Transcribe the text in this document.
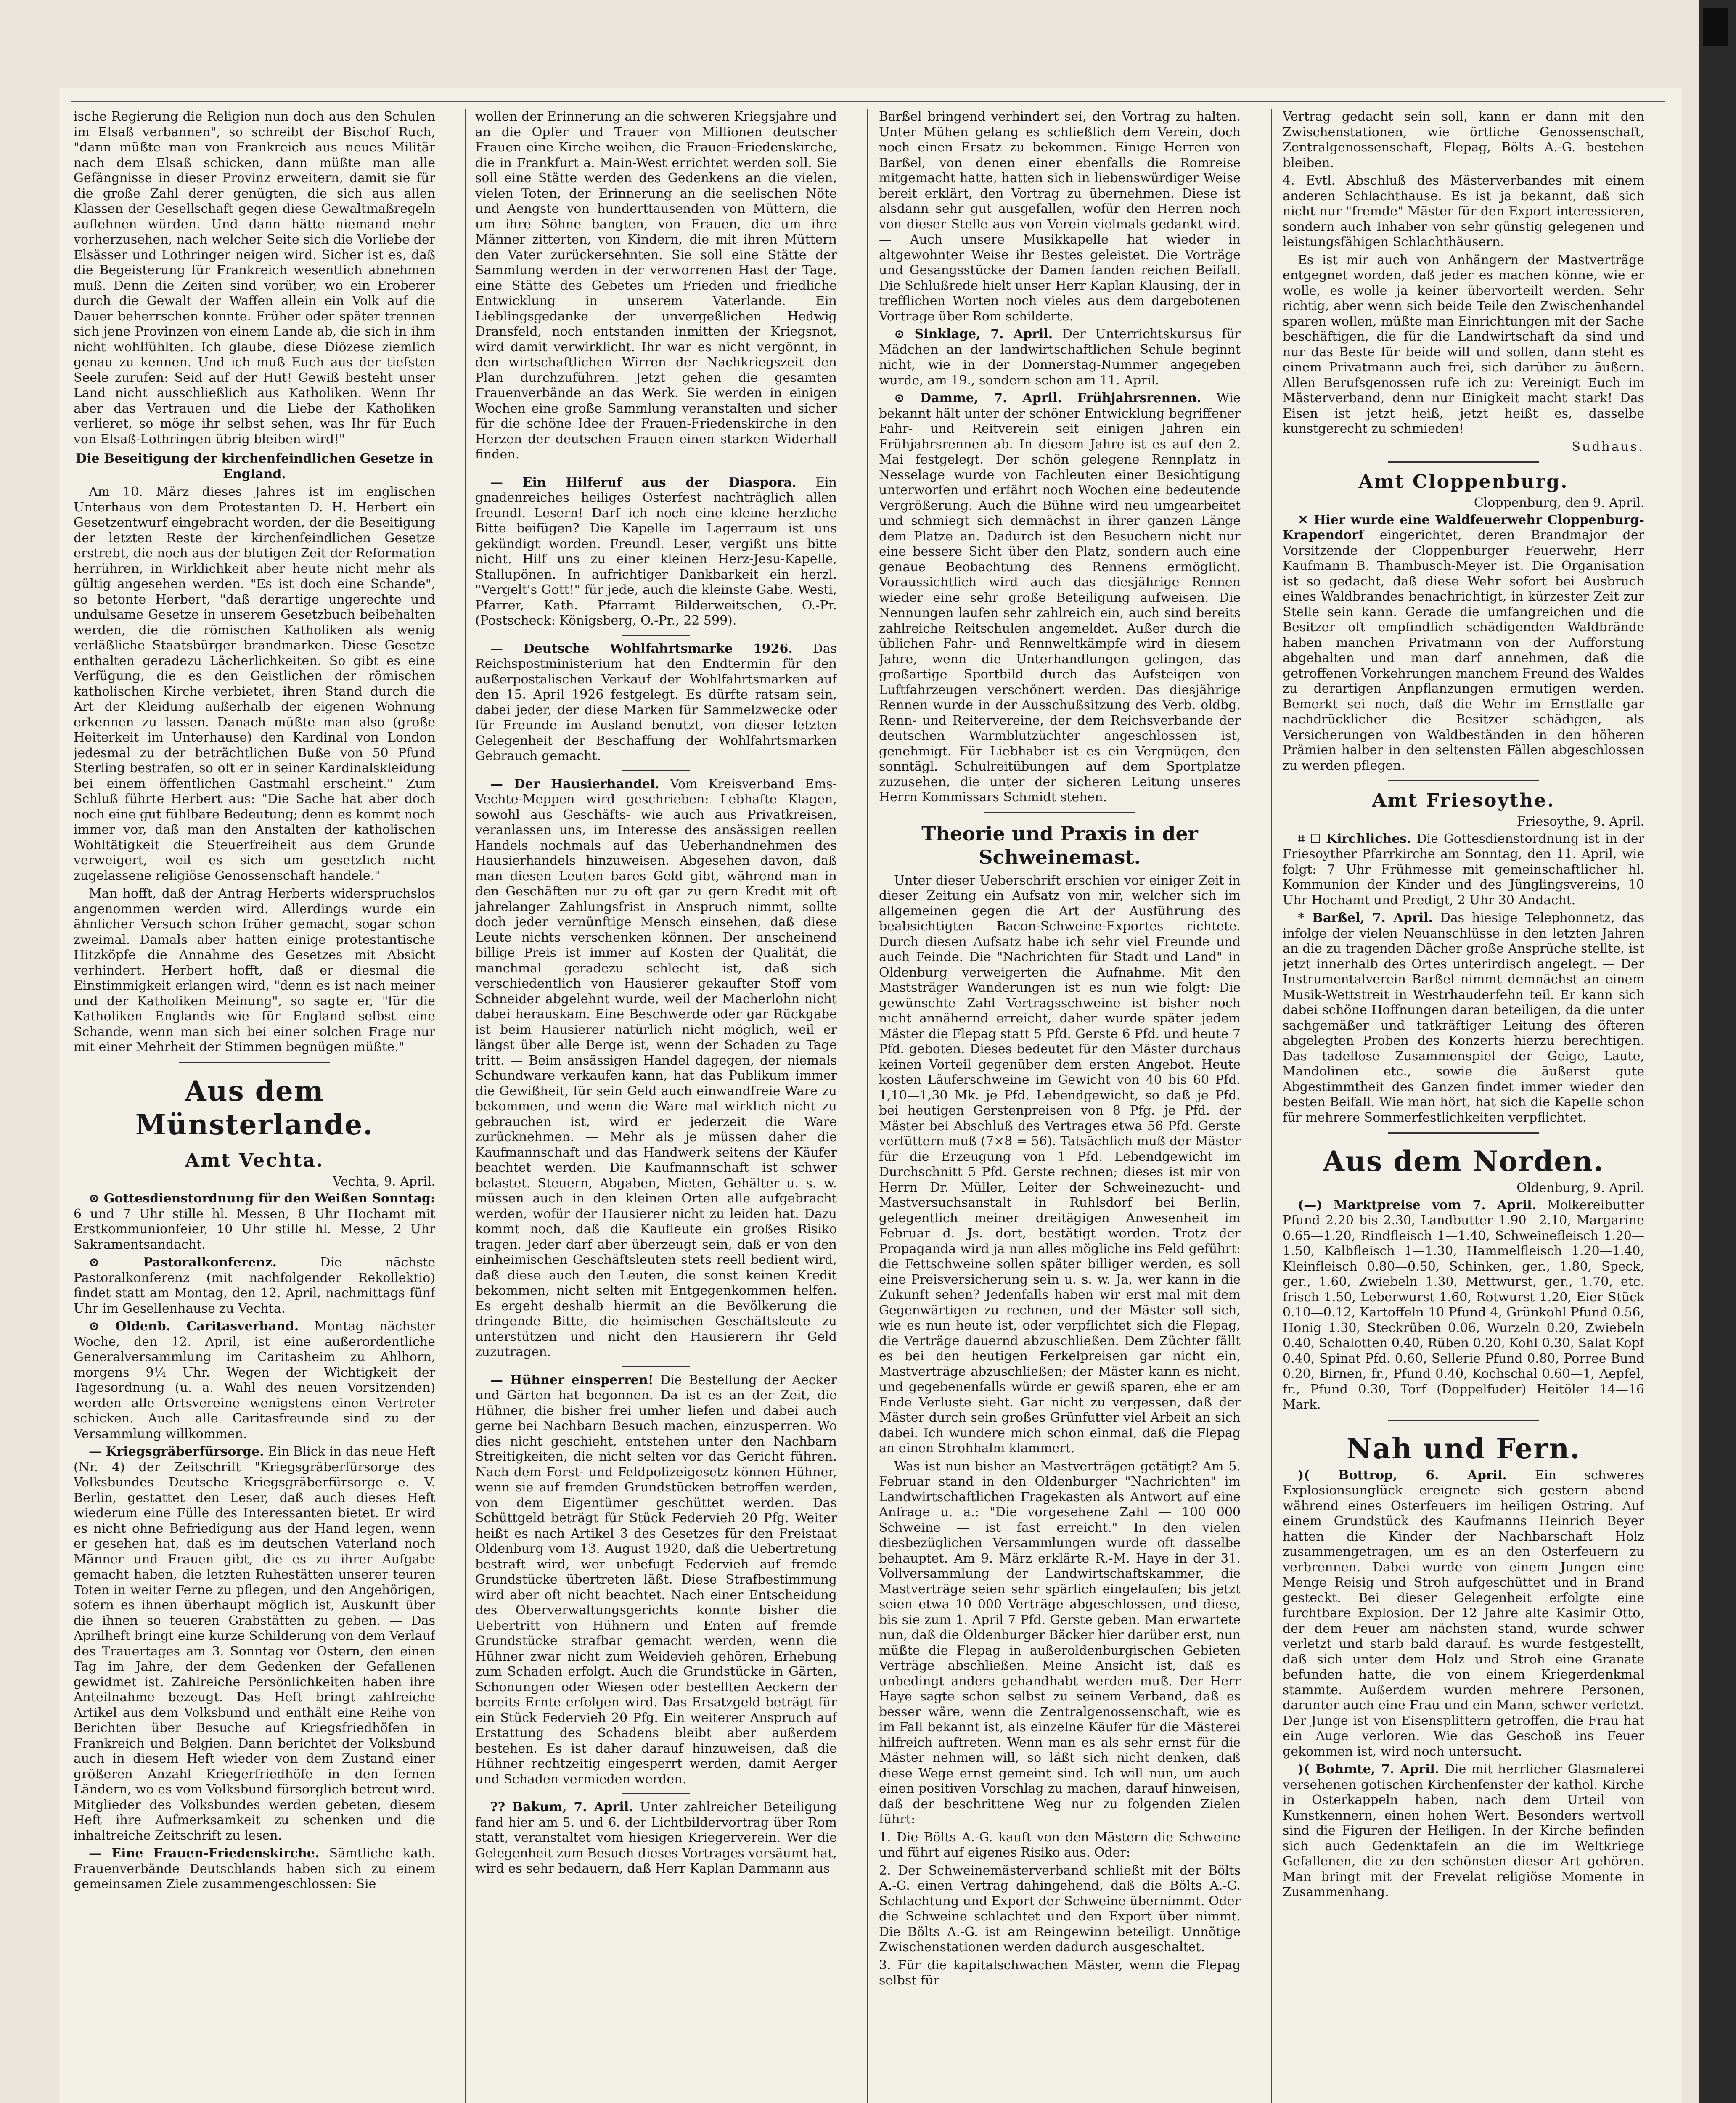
ische Regierung die Religion nun doch aus den Schulen im Elsaß verbannen", so schreibt der Bischof Ruch, "dann müßte man von Frankreich aus neues Militär nach dem Elsaß schicken, dann müßte man alle Gefängnisse in dieser Provinz erweitern, damit sie für die große Zahl derer genügten, die sich aus allen Klassen der Gesellschaft gegen diese Gewaltmaßregeln auflehnen würden. Und dann hätte niemand mehr vorherzusehen, nach welcher Seite sich die Vorliebe der Elsässer und Lothringer neigen wird. Sicher ist es, daß die Begeisterung für Frankreich wesentlich abnehmen muß. Denn die Zeiten sind vorüber, wo ein Eroberer durch die Gewalt der Waffen allein ein Volk auf die Dauer beherrschen konnte. Früher oder später trennen sich jene Provinzen von einem Lande ab, die sich in ihm nicht wohlfühlten. Ich glaube, diese Diözese ziemlich genau zu kennen. Und ich muß Euch aus der tiefsten Seele zurufen: Seid auf der Hut! Gewiß besteht unser Land nicht ausschließlich aus Katholiken. Wenn Ihr aber das Vertrauen und die Liebe der Katholiken verlieret, so möge ihr selbst sehen, was Ihr für Euch von Elsaß-Lothringen übrig bleiben wird!"

Die Beseitigung der kirchenfeindlichen Gesetze in England.

Am 10. März dieses Jahres ist im englischen Unterhaus von dem Protestanten D. H. Herbert ein Gesetzentwurf eingebracht worden, der die Beseitigung der letzten Reste der kirchenfeindlichen Gesetze erstrebt, die noch aus der blutigen Zeit der Reformation herrühren, in Wirklichkeit aber heute nicht mehr als gültig angesehen werden. "Es ist doch eine Schande", so betonte Herbert, "daß derartige ungerechte und undulsame Gesetze in unserem Gesetzbuch beibehalten werden, die die römischen Katholiken als wenig verläßliche Staatsbürger brandmarken. Diese Gesetze enthalten geradezu Lächerlichkeiten. So gibt es eine Verfügung, die es den Geistlichen der römischen katholischen Kirche verbietet, ihren Stand durch die Art der Kleidung außerhalb der eigenen Wohnung erkennen zu lassen. Danach müßte man also (große Heiterkeit im Unterhause) den Kardinal von London jedesmal zu der beträchtlichen Buße von 50 Pfund Sterling bestrafen, so oft er in seiner Kardinalskleidung bei einem öffentlichen Gastmahl erscheint." Zum Schluß führte Herbert aus: "Die Sache hat aber doch noch eine gut fühlbare Bedeutung; denn es kommt noch immer vor, daß man den Anstalten der katholischen Wohltätigkeit die Steuerfreiheit aus dem Grunde verweigert, weil es sich um gesetzlich nicht zugelassene religiöse Genossenschaft handele."

Man hofft, daß der Antrag Herberts widerspruchslos angenommen werden wird. Allerdings wurde ein ähnlicher Versuch schon früher gemacht, sogar schon zweimal. Damals aber hatten einige protestantische Hitzköpfe die Annahme des Gesetzes mit Absicht verhindert. Herbert hofft, daß er diesmal die Einstimmigkeit erlangen wird, "denn es ist nach meiner und der Katholiken Meinung", so sagte er, "für die Katholiken Englands wie für England selbst eine Schande, wenn man sich bei einer solchen Frage nur mit einer Mehrheit der Stimmen begnügen müßte."

Aus dem Münsterlande.
Amt Vechta.
Vechta, 9. April.

⊙ Gottesdienstordnung für den Weißen Sonntag: 6 und 7 Uhr stille hl. Messen, 8 Uhr Hochamt mit Erstkommunionfeier, 10 Uhr stille hl. Messe, 2 Uhr Sakramentsandacht.

⊙ Pastoralkonferenz.	Die nächste Pastoralkonferenz (mit nachfolgender Rekollektio) findet statt am Montag, den 12. April, nachmittags fünf Uhr im Gesellenhause zu Vechta.

⊙ Oldenb. Caritasverband. Montag nächster Woche, den 12. April, ist eine außerordentliche Generalversammlung im Caritasheim zu Ahlhorn, morgens 9¼ Uhr. Wegen der Wichtigkeit der Tagesordnung (u. a. Wahl des neuen Vorsitzenden) werden alle Ortsvereine wenigstens einen Vertreter schicken. Auch alle Caritasfreunde sind zu der Versammlung willkommen.

— Kriegsgräberfürsorge. Ein Blick in das neue Heft (Nr. 4) der Zeitschrift "Kriegsgräberfürsorge des Volksbundes Deutsche Kriegsgräberfürsorge e. V. Berlin, gestattet den Leser, daß auch dieses Heft wiederum eine Fülle des Interessanten bietet. Er wird es nicht ohne Befriedigung aus der Hand legen, wenn er gesehen hat, daß es im deutschen Vaterland noch Männer und Frauen gibt, die es zu ihrer Aufgabe gemacht haben, die letzten Ruhestätten unserer teuren Toten in weiter Ferne zu pflegen, und den Angehörigen, sofern es ihnen überhaupt möglich ist, Auskunft über die ihnen so teueren Grabstätten zu geben. — Das Aprilheft bringt eine kurze Schilderung von dem Verlauf des Trauertages am 3. Sonntag vor Ostern, den einen Tag im Jahre, der dem Gedenken der Gefallenen gewidmet ist. Zahlreiche Persönlichkeiten haben ihre Anteilnahme bezeugt. Das Heft bringt zahlreiche Artikel aus dem Volksbund und enthält eine Reihe von Berichten über Besuche auf Kriegsfriedhöfen in Frankreich und Belgien. Dann berichtet der Volksbund auch in diesem Heft wieder von dem Zustand einer größeren Anzahl Kriegerfriedhöfe in den fernen Ländern, wo es vom Volksbund fürsorglich betreut wird. Mitglieder des Volksbundes werden gebeten, diesem Heft ihre Aufmerksamkeit zu schenken und die inhaltreiche Zeitschrift zu lesen.

— Eine Frauen-Friedenskirche. Sämtliche kath. Frauenverbände Deutschlands haben sich zu einem gemeinsamen Ziele zusammengeschlossen: Sie

wollen der Erinnerung an die schweren Kriegsjahre und an die Opfer und Trauer von Millionen deutscher Frauen eine Kirche weihen, die Frauen-Friedenskirche, die in Frankfurt a. Main-West errichtet werden soll. Sie soll eine Stätte werden des Gedenkens an die vielen, vielen Toten, der Erinnerung an die seelischen Nöte und Aengste von hunderttausenden von Müttern, die um ihre Söhne bangten, von Frauen, die um ihre Männer zitterten, von Kindern, die mit ihren Müttern den Vater zurückersehnten. Sie soll eine Stätte der Sammlung werden in der verworrenen Hast der Tage, eine Stätte des Gebetes um Frieden und friedliche Entwicklung in unserem Vaterlande. Ein Lieblingsgedanke der unvergeßlichen Hedwig Dransfeld, noch entstanden inmitten der Kriegsnot, wird damit verwirklicht. Ihr war es nicht vergönnt, in den wirtschaftlichen Wirren der Nachkriegszeit den Plan durchzuführen. Jetzt gehen die gesamten Frauenverbände an das Werk. Sie werden in einigen Wochen eine große Sammlung veranstalten und sicher für die schöne Idee der Frauen-Friedenskirche in den Herzen der deutschen Frauen einen starken Widerhall finden.

— Ein Hilferuf aus der Diaspora. Ein gnadenreiches heiliges Osterfest nachträglich allen freundl. Lesern! Darf ich noch eine kleine herzliche Bitte beifügen? Die Kapelle im Lagerraum ist uns gekündigt worden. Freundl. Leser, vergißt uns bitte nicht. Hilf uns zu einer kleinen Herz-Jesu-Kapelle, Stallupönen. In aufrichtiger Dankbarkeit ein herzl. "Vergelt's Gott!" für jede, auch die kleinste Gabe. Westi, Pfarrer, Kath. Pfarramt Bilderweitschen, O.-Pr. (Postscheck: Königsberg, O.-Pr., 22 599).

— Deutsche Wohlfahrtsmarke 1926. Das Reichspostministerium hat den Endtermin für den außerpostalischen Verkauf der Wohlfahrtsmarken auf den 15. April 1926 festgelegt. Es dürfte ratsam sein, dabei jeder, der diese Marken für Sammelzwecke oder für Freunde im Ausland benutzt, von dieser letzten Gelegenheit der Beschaffung der Wohlfahrtsmarken Gebrauch gemacht.

— Der Hausierhandel. Vom Kreisverband Ems-Vechte-Meppen wird geschrieben: Lebhafte Klagen, sowohl aus Geschäfts- wie auch aus Privatkreisen, veranlassen uns, im Interesse des ansässigen reellen Handels nochmals auf das Ueberhandnehmen des Hausierhandels hinzuweisen. Abgesehen davon, daß man diesen Leuten bares Geld gibt, während man in den Geschäften nur zu oft gar zu gern Kredit mit oft jahrelanger Zahlungsfrist in Anspruch nimmt, sollte doch jeder vernünftige Mensch einsehen, daß diese Leute nichts verschenken können. Der anscheinend billige Preis ist immer auf Kosten der Qualität, die manchmal geradezu schlecht ist, daß sich verschiedentlich von Hausierer gekaufter Stoff vom Schneider abgelehnt wurde, weil der Macherlohn nicht dabei herauskam. Eine Beschwerde oder gar Rückgabe ist beim Hausierer natürlich nicht möglich, weil er längst über alle Berge ist, wenn der Schaden zu Tage tritt. — Beim ansässigen Handel dagegen, der niemals Schundware verkaufen kann, hat das Publikum immer die Gewißheit, für sein Geld auch einwandfreie Ware zu bekommen, und wenn die Ware mal wirklich nicht zu gebrauchen ist, wird er jederzeit die Ware zurücknehmen. — Mehr als je müssen daher die Kaufmannschaft und das Handwerk seitens der Käufer beachtet werden. Die Kaufmannschaft ist schwer belastet. Steuern, Abgaben, Mieten, Gehälter u. s. w. müssen auch in den kleinen Orten alle aufgebracht werden, wofür der Hausierer nicht zu leiden hat. Dazu kommt noch, daß die Kaufleute ein großes Risiko tragen. Jeder darf aber überzeugt sein, daß er von den einheimischen Geschäftsleuten stets reell bedient wird, daß diese auch den Leuten, die sonst keinen Kredit bekommen, nicht selten mit Entgegenkommen helfen. Es ergeht deshalb hiermit an die Bevölkerung die dringende Bitte, die heimischen Geschäftsleute zu unterstützen und nicht den Hausierern ihr Geld zuzutragen.

— Hühner einsperren! Die Bestellung der Aecker und Gärten hat begonnen. Da ist es an der Zeit, die Hühner, die bisher frei umher liefen und dabei auch gerne bei Nachbarn Besuch machen, einzusperren. Wo dies nicht geschieht, entstehen unter den Nachbarn Streitigkeiten, die nicht selten vor das Gericht führen. Nach dem Forst- und Feldpolizeigesetz können Hühner, wenn sie auf fremden Grundstücken betroffen werden, von dem Eigentümer geschüttet werden. Das Schüttgeld beträgt für Stück Federvieh 20 Pfg. Weiter heißt es nach Artikel 3 des Gesetzes für den Freistaat Oldenburg vom 13. August 1920, daß die Uebertretung bestraft wird, wer unbefugt Federvieh auf fremde Grundstücke übertreten läßt. Diese Strafbestimmung wird aber oft nicht beachtet. Nach einer Entscheidung des Oberverwaltungsgerichts konnte bisher die Uebertritt von Hühnern und Enten auf fremde Grundstücke strafbar gemacht werden, wenn die Hühner zwar nicht zum Weidevieh gehören, Erhebung zum Schaden erfolgt. Auch die Grundstücke in Gärten, Schonungen oder Wiesen oder bestellten Aeckern der bereits Ernte erfolgen wird. Das Ersatzgeld beträgt für ein Stück Federvieh 20 Pfg. Ein weiterer Anspruch auf Erstattung des Schadens bleibt aber außerdem bestehen. Es ist daher darauf hinzuweisen, daß die Hühner rechtzeitig eingesperrt werden, damit Aerger und Schaden vermieden werden.

?? Bakum, 7. April. Unter zahlreicher Beteiligung fand hier am 5. und 6. der Lichtbildervortrag über Rom statt, veranstaltet vom hiesigen Kriegerverein. Wer die Gelegenheit zum Besuch dieses Vortrages versäumt hat, wird es sehr bedauern, daß Herr Kaplan Dammann aus

Barßel bringend verhindert sei, den Vortrag zu halten. Unter Mühen gelang es schließlich dem Verein, doch noch einen Ersatz zu bekommen. Einige Herren von Barßel, von denen einer ebenfalls die Romreise mitgemacht hatte, hatten sich in liebenswürdiger Weise bereit erklärt, den Vortrag zu übernehmen. Diese ist alsdann sehr gut ausgefallen, wofür den Herren noch von dieser Stelle aus von Verein vielmals gedankt wird. — Auch unsere Musikkapelle hat wieder in altgewohnter Weise ihr Bestes geleistet. Die Vorträge und Gesangsstücke der Damen fanden reichen Beifall. Die Schlußrede hielt unser Herr Kaplan Klausing, der in trefflichen Worten noch vieles aus dem dargebotenen Vortrage über Rom schilderte.

⊙ Sinklage, 7. April. Der Unterrichtskursus für Mädchen an der landwirtschaftlichen Schule beginnt nicht, wie in der Donnerstag-Nummer angegeben wurde, am 19., sondern schon am 11. April.

⊙ Damme, 7. April. Frühjahrsrennen. Wie bekannt hält unter der schöner Entwicklung begriffener Fahr- und Reitverein seit einigen Jahren ein Frühjahrsrennen ab. In diesem Jahre ist es auf den 2. Mai festgelegt. Der schön gelegene Rennplatz in Nesselage wurde von Fachleuten einer Besichtigung unterworfen und erfährt noch Wochen eine bedeutende Vergrößerung. Auch die Bühne wird neu umgearbeitet und schmiegt sich demnächst in ihrer ganzen Länge dem Platze an. Dadurch ist den Besuchern nicht nur eine bessere Sicht über den Platz, sondern auch eine genaue Beobachtung des Rennens ermöglicht. Voraussichtlich wird auch das diesjährige Rennen wieder eine sehr große Beteiligung aufweisen. Die Nennungen laufen sehr zahlreich ein, auch sind bereits zahlreiche Reitschulen angemeldet. Außer durch die üblichen Fahr- und Rennweltkämpfe wird in diesem Jahre, wenn die Unterhandlungen gelingen, das großartige Sportbild durch das Aufsteigen von Luftfahrzeugen verschönert werden. Das diesjährige Rennen wurde in der Ausschußsitzung des Verb. oldbg. Renn- und Reitervereine, der dem Reichsverbande der deutschen Warmblutzüchter angeschlossen ist, genehmigt. Für Liebhaber ist es ein Vergnügen, den sonntägl. Schulreitübungen auf dem Sportplatze zuzusehen, die unter der sicheren Leitung unseres Herrn Kommissars Schmidt stehen.

Theorie und Praxis in der Schweinemast.

Unter dieser Ueberschrift erschien vor einiger Zeit in dieser Zeitung ein Aufsatz von mir, welcher sich im allgemeinen gegen die Art der Ausführung des beabsichtigten Bacon-Schweine-Exportes richtete. Durch diesen Aufsatz habe ich sehr viel Freunde und auch Feinde. Die "Nachrichten für Stadt und Land" in Oldenburg verweigerten die Aufnahme. Mit den Maststräger Wanderungen ist es nun wie folgt: Die gewünschte Zahl Vertragsschweine ist bisher noch nicht annähernd erreicht, daher wurde später jedem Mäster die Flepag statt 5 Pfd. Gerste 6 Pfd. und heute 7 Pfd. geboten. Dieses bedeutet für den Mäster durchaus keinen Vorteil gegenüber dem ersten Angebot. Heute kosten Läuferschweine im Gewicht von 40 bis 60 Pfd. 1,10—1,30 Mk. je Pfd. Lebendgewicht, so daß je Pfd. bei heutigen Gerstenpreisen von 8 Pfg. je Pfd. der Mäster bei Abschluß des Vertrages etwa 56 Pfd. Gerste verfüttern muß (7×8 = 56). Tatsächlich muß der Mäster für die Erzeugung von 1 Pfd. Lebendgewicht im Durchschnitt 5 Pfd. Gerste rechnen; dieses ist mir von Herrn Dr. Müller, Leiter der Schweinezucht- und Mastversuchsanstalt in Ruhlsdorf bei Berlin, gelegentlich meiner dreitägigen Anwesenheit im Februar d. Js. dort, bestätigt worden. Trotz der Propaganda wird ja nun alles mögliche ins Feld geführt: die Fettschweine sollen später billiger werden, es soll eine Preisversicherung sein u. s. w. Ja, wer kann in die Zukunft sehen? Jedenfalls haben wir erst mal mit dem Gegenwärtigen zu rechnen, und der Mäster soll sich, wie es nun heute ist, oder verpflichtet sich die Flepag, die Verträge dauernd abzuschließen. Dem Züchter fällt es bei den heutigen Ferkelpreisen gar nicht ein, Mastverträge abzuschließen; der Mäster kann es nicht, und gegebenenfalls würde er gewiß sparen, ehe er am Ende Verluste sieht. Gar nicht zu vergessen, daß der Mäster durch sein großes Grünfutter viel Arbeit an sich dabei. Ich wundere mich schon einmal, daß die Flepag an einen Strohhalm klammert.

Was ist nun bisher an Mastverträgen getätigt? Am 5. Februar stand in den Oldenburger "Nachrichten" im Landwirtschaftlichen Fragekasten als Antwort auf eine Anfrage u. a.: "Die vorgesehene Zahl — 100 000 Schweine — ist fast erreicht." In den vielen diesbezüglichen Versammlungen wurde oft dasselbe behauptet. Am 9. März erklärte R.-M. Haye in der 31. Vollversammlung der Landwirtschaftskammer, die Mastverträge seien sehr spärlich eingelaufen; bis jetzt seien etwa 10 000 Verträge abgeschlossen, und diese, bis sie zum 1. April 7 Pfd. Gerste geben. Man erwartete nun, daß die Oldenburger Bäcker hier darüber erst, nun müßte die Flepag in außeroldenburgischen Gebieten Verträge abschließen. Meine Ansicht ist, daß es unbedingt anders gehandhabt werden muß. Der Herr Haye sagte schon selbst zu seinem Verband, daß es besser wäre, wenn die Zentralgenossenschaft, wie es im Fall bekannt ist, als einzelne Käufer für die Mästerei hilfreich auftreten. Wenn man es als sehr ernst für die Mäster nehmen will, so läßt sich nicht denken, daß diese Wege ernst gemeint sind. Ich will nun, um auch einen positiven Vorschlag zu machen, darauf hinweisen, daß der beschrittene Weg nur zu folgenden Zielen führt:

1. Die Bölts A.-G. kauft von den Mästern die Schweine und führt auf eigenes Risiko aus. Oder:

2. Der Schweinemästerverband schließt mit der Bölts A.-G. einen Vertrag dahingehend, daß die Bölts A.-G. Schlachtung und Export der Schweine übernimmt. Oder die Schweine schlachtet und den Export über nimmt. Die Bölts A.-G. ist am Reingewinn beteiligt. Unnötige Zwischenstationen werden dadurch ausgeschaltet.

3. Für die kapitalschwachen Mäster, wenn die Flepag selbst für

Vertrag gedacht sein soll, kann er dann mit den Zwischenstationen, wie örtliche Genossenschaft, Zentralgenossenschaft, Flepag, Bölts A.-G. bestehen bleiben.

4. Evtl. Abschluß des Mästerverbandes mit einem anderen Schlachthause. Es ist ja bekannt, daß sich nicht nur "fremde" Mäster für den Export interessieren, sondern auch Inhaber von sehr günstig gelegenen und leistungsfähigen Schlachthäusern.

Es ist mir auch von Anhängern der Mastverträge entgegnet worden, daß jeder es machen könne, wie er wolle, es wolle ja keiner übervorteilt werden. Sehr richtig, aber wenn sich beide Teile den Zwischenhandel sparen wollen, müßte man Einrichtungen mit der Sache beschäftigen, die für die Landwirtschaft da sind und nur das Beste für beide will und sollen, dann steht es einem Privatmann auch frei, sich darüber zu äußern. Allen Berufsgenossen rufe ich zu: Vereinigt Euch im Mästerverband, denn nur Einigkeit macht stark! Das Eisen ist jetzt heiß, jetzt heißt es, dasselbe kunstgerecht zu schmieden!

Sudhaus.
Amt Cloppenburg.
Cloppenburg, den 9. April.

✕ Hier wurde eine Waldfeuerwehr Cloppenburg-Krapendorf eingerichtet, deren Brandmajor der Vorsitzende der Cloppenburger Feuerwehr, Herr Kaufmann B. Thambusch-Meyer ist. Die Organisation ist so gedacht, daß diese Wehr sofort bei Ausbruch eines Waldbrandes benachrichtigt, in kürzester Zeit zur Stelle sein kann. Gerade die umfangreichen und die Besitzer oft empfindlich schädigenden Waldbrände haben manchen Privatmann von der Aufforstung abgehalten und man darf annehmen, daß die getroffenen Vorkehrungen manchem Freund des Waldes zu derartigen Anpflanzungen ermutigen werden. Bemerkt sei noch, daß die Wehr im Ernstfalle gar nachdrücklicher die Besitzer schädigen, als Versicherungen von Waldbeständen in den höheren Prämien halber in den seltensten Fällen abgeschlossen zu werden pflegen.

Amt Friesoythe.
Friesoythe, 9. April.

⌗ ☐ Kirchliches. Die Gottesdienstordnung ist in der Friesoyther Pfarrkirche am Sonntag, den 11. April, wie folgt: 7 Uhr Frühmesse mit gemeinschaftlicher hl. Kommunion der Kinder und des Jünglingsvereins, 10 Uhr Hochamt und Predigt, 2 Uhr 30 Andacht.

* Barßel, 7. April. Das hiesige Telephonnetz, das infolge der vielen Neuanschlüsse in den letzten Jahren an die zu tragenden Dächer große Ansprüche stellte, ist jetzt innerhalb des Ortes unterirdisch angelegt. — Der Instrumentalverein Barßel nimmt demnächst an einem Musik-Wettstreit in Westrhauderfehn teil. Er kann sich dabei schöne Hoffnungen daran beteiligen, da die unter sachgemäßer und tatkräftiger Leitung des öfteren abgelegten Proben des Konzerts hierzu berechtigen. Das tadellose Zusammenspiel der Geige, Laute, Mandolinen etc., sowie die äußerst gute Abgestimmtheit des Ganzen findet immer wieder den besten Beifall. Wie man hört, hat sich die Kapelle schon für mehrere Sommerfestlichkeiten verpflichtet.

Aus dem Norden.
Oldenburg, 9. April.

(—) Marktpreise vom 7. April. Molkereibutter Pfund 2.20 bis 2.30, Landbutter 1.90—2.10, Margarine 0.65—1.20, Rindfleisch 1—1.40, Schweinefleisch 1.20—1.50, Kalbfleisch 1—1.30, Hammelfleisch 1.20—1.40, Kleinfleisch 0.80—0.50, Schinken, ger., 1.80, Speck, ger., 1.60, Zwiebeln 1.30, Mettwurst, ger., 1.70, etc. frisch 1.50, Leberwurst 1.60, Rotwurst 1.20, Eier Stück 0.10—0.12, Kartoffeln 10 Pfund 4, Grünkohl Pfund 0.56, Honig 1.30, Steckrüben 0.06, Wurzeln 0.20, Zwiebeln 0.40, Schalotten 0.40, Rüben 0.20, Kohl 0.30, Salat Kopf 0.40, Spinat Pfd. 0.60, Sellerie Pfund 0.80, Porree Bund 0.20, Birnen, fr., Pfund 0.40, Kochschal 0.60—1, Aepfel, fr., Pfund 0.30, Torf (Doppelfuder) Heitöler 14—16 Mark.

Nah und Fern.

)( Bottrop, 6. April. Ein schweres Explosionsunglück ereignete sich gestern abend während eines Osterfeuers im heiligen Ostring. Auf einem Grundstück des Kaufmanns Heinrich Beyer hatten die Kinder der Nachbarschaft Holz zusammengetragen, um es an den Osterfeuern zu verbrennen. Dabei wurde von einem Jungen eine Menge Reisig und Stroh aufgeschüttet und in Brand gesteckt. Bei dieser Gelegenheit erfolgte eine furchtbare Explosion. Der 12 Jahre alte Kasimir Otto, der dem Feuer am nächsten stand, wurde schwer verletzt und starb bald darauf. Es wurde festgestellt, daß sich unter dem Holz und Stroh eine Granate befunden hatte, die von einem Kriegerdenkmal stammte. Außerdem wurden mehrere Personen, darunter auch eine Frau und ein Mann, schwer verletzt. Der Junge ist von Eisensplittern getroffen, die Frau hat ein Auge verloren. Wie das Geschoß ins Feuer gekommen ist, wird noch untersucht.

)( Bohmte, 7. April. Die mit herrlicher Glasmalerei versehenen gotischen Kirchenfenster der kathol. Kirche in Osterkappeln haben, nach dem Urteil von Kunstkennern, einen hohen Wert. Besonders wertvoll sind die Figuren der Heiligen. In der Kirche befinden sich auch Gedenktafeln an die im Weltkriege Gefallenen, die zu den schönsten dieser Art gehören. Man bringt mit der Frevelat religiöse Momente in Zusammenhang.
